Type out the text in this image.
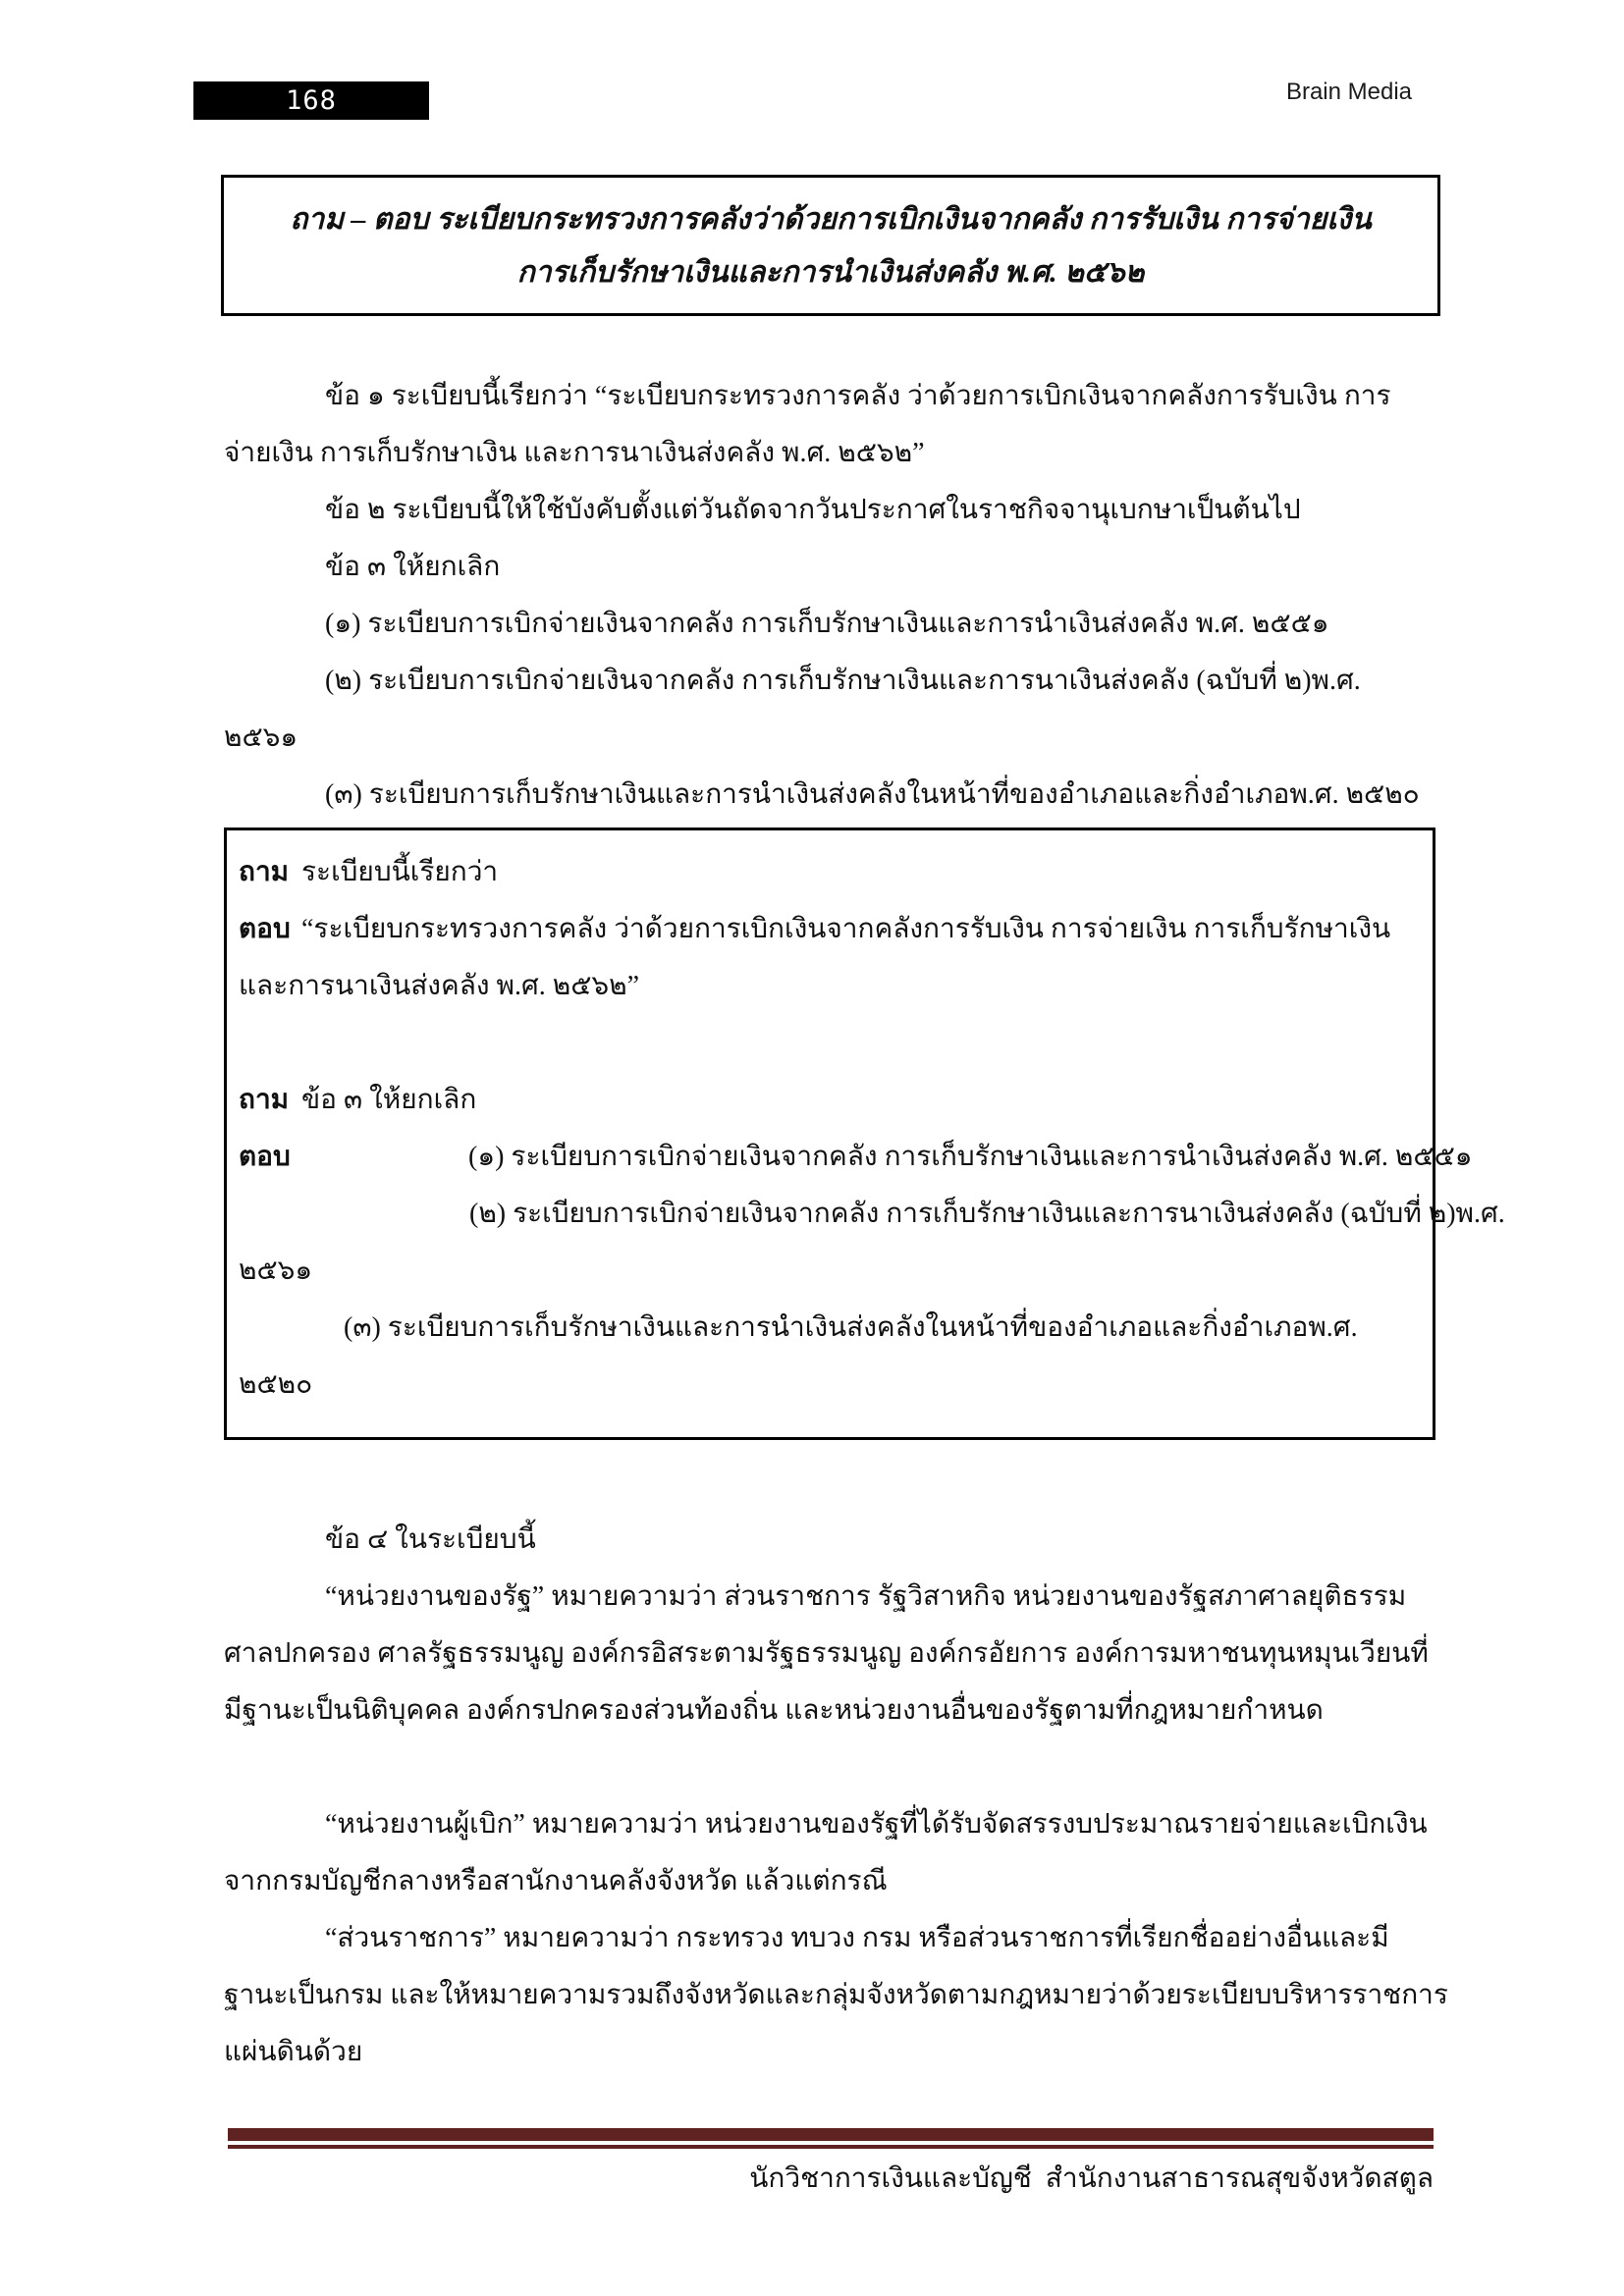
168	Brain Media
ถาม – ตอบ ระเบียบกระทรวงการคลังว่าด้วยการเบิกเงินจากคลัง การรับเงิน การจ่ายเงิน
การเก็บรักษาเงินและการนำเงินส่งคลัง พ.ศ. ๒๕๖๒
ข้อ ๑ ระเบียบนี้เรียกว่า “ระเบียบกระทรวงการคลัง ว่าด้วยการเบิกเงินจากคลังการรับเงิน การ
จ่ายเงิน การเก็บรักษาเงิน และการนาเงินส่งคลัง พ.ศ. ๒๕๖๒”
ข้อ ๒ ระเบียบนี้ให้ใช้บังคับตั้งแต่วันถัดจากวันประกาศในราชกิจจานุเบกษาเป็นต้นไป
ข้อ ๓ ให้ยกเลิก
(๑) ระเบียบการเบิกจ่ายเงินจากคลัง การเก็บรักษาเงินและการนำเงินส่งคลัง พ.ศ. ๒๕๕๑
(๒) ระเบียบการเบิกจ่ายเงินจากคลัง การเก็บรักษาเงินและการนาเงินส่งคลัง (ฉบับที่ ๒)พ.ศ.
๒๕๖๑
(๓) ระเบียบการเก็บรักษาเงินและการนำเงินส่งคลังในหน้าที่ของอำเภอและกิ่งอำเภอพ.ศ. ๒๕๒๐
ถาม ระเบียบนี้เรียกว่า
ตอบ “ระเบียบกระทรวงการคลัง ว่าด้วยการเบิกเงินจากคลังการรับเงิน การจ่ายเงิน การเก็บรักษาเงิน
และการนาเงินส่งคลัง พ.ศ. ๒๕๖๒”
ถาม ข้อ ๓ ให้ยกเลิก
ตอบ	(๑) ระเบียบการเบิกจ่ายเงินจากคลัง การเก็บรักษาเงินและการนำเงินส่งคลัง พ.ศ. ๒๕๕๑
(๒) ระเบียบการเบิกจ่ายเงินจากคลัง การเก็บรักษาเงินและการนาเงินส่งคลัง (ฉบับที่ ๒)พ.ศ.
๒๕๖๑
(๓) ระเบียบการเก็บรักษาเงินและการนำเงินส่งคลังในหน้าที่ของอำเภอและกิ่งอำเภอพ.ศ.
๒๕๒๐
ข้อ ๔ ในระเบียบนี้
“หน่วยงานของรัฐ” หมายความว่า ส่วนราชการ รัฐวิสาหกิจ หน่วยงานของรัฐสภาศาลยุติธรรม
ศาลปกครอง ศาลรัฐธรรมนูญ องค์กรอิสระตามรัฐธรรมนูญ องค์กรอัยการ องค์การมหาชนทุนหมุนเวียนที่
มีฐานะเป็นนิติบุคคล องค์กรปกครองส่วนท้องถิ่น และหน่วยงานอื่นของรัฐตามที่กฎหมายกำหนด
“หน่วยงานผู้เบิก” หมายความว่า หน่วยงานของรัฐที่ได้รับจัดสรรงบประมาณรายจ่ายและเบิกเงิน
จากกรมบัญชีกลางหรือสานักงานคลังจังหวัด แล้วแต่กรณี
“ส่วนราชการ” หมายความว่า กระทรวง ทบวง กรม หรือส่วนราชการที่เรียกชื่ออย่างอื่นและมี
ฐานะเป็นกรม และให้หมายความรวมถึงจังหวัดและกลุ่มจังหวัดตามกฎหมายว่าด้วยระเบียบบริหารราชการ
แผ่นดินด้วย
นักวิชาการเงินและบัญชี  สำนักงานสาธารณสุขจังหวัดสตูล
